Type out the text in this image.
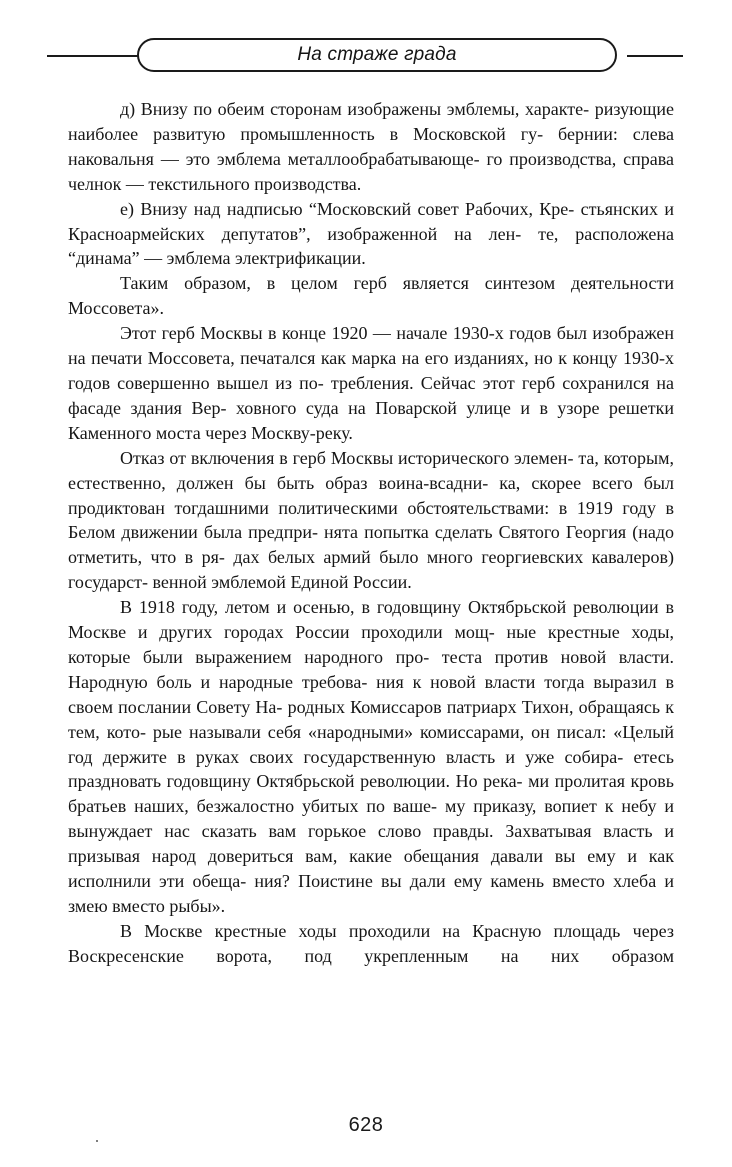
На страже града

д) Внизу по обеим сторонам изображены эмблемы, характе- ризующие наиболее развитую промышленность в Московской гу- бернии: слева наковальня — это эмблема металлообрабатывающе- го производства, справа челнок — текстильного производства.

е) Внизу над надписью “Московский совет Рабочих, Кре- стьянских и Красноармейских депутатов”, изображенной на лен- те, расположена “динама” — эмблема электрификации.

Таким образом, в целом герб является синтезом деятельности Моссовета».

Этот герб Москвы в конце 1920 — начале 1930-х годов был изображен на печати Моссовета, печатался как марка на его изданиях, но к концу 1930-х годов совершенно вышел из по- требления. Сейчас этот герб сохранился на фасаде здания Вер- ховного суда на Поварской улице и в узоре решетки Каменного моста через Москву-реку.

Отказ от включения в герб Москвы исторического элемен- та, которым, естественно, должен бы быть образ воина-всадни- ка, скорее всего был продиктован тогдашними политическими обстоятельствами: в 1919 году в Белом движении была предпри- нята попытка сделать Святого Георгия (надо отметить, что в ря- дах белых армий было много георгиевских кавалеров) государст- венной эмблемой Единой России.

В 1918 году, летом и осенью, в годовщину Октябрьской революции в Москве и других городах России проходили мощ- ные крестные ходы, которые были выражением народного про- теста против новой власти. Народную боль и народные требова- ния к новой власти тогда выразил в своем послании Совету На- родных Комиссаров патриарх Тихон, обращаясь к тем, кото- рые называли себя «народными» комиссарами, он писал: «Целый год держите в руках своих государственную власть и уже собира- етесь праздновать годовщину Октябрьской революции. Но река- ми пролитая кровь братьев наших, безжалостно убитых по ваше- му приказу, вопиет к небу и вынуждает нас сказать вам горькое слово правды. Захватывая власть и призывая народ довериться вам, какие обещания давали вы ему и как исполнили эти обеща- ния? Поистине вы дали ему камень вместо хлеба и змею вместо рыбы».

В Москве крестные ходы проходили на Красную площадь через Воскресенские ворота, под укрепленным на них образом

628
